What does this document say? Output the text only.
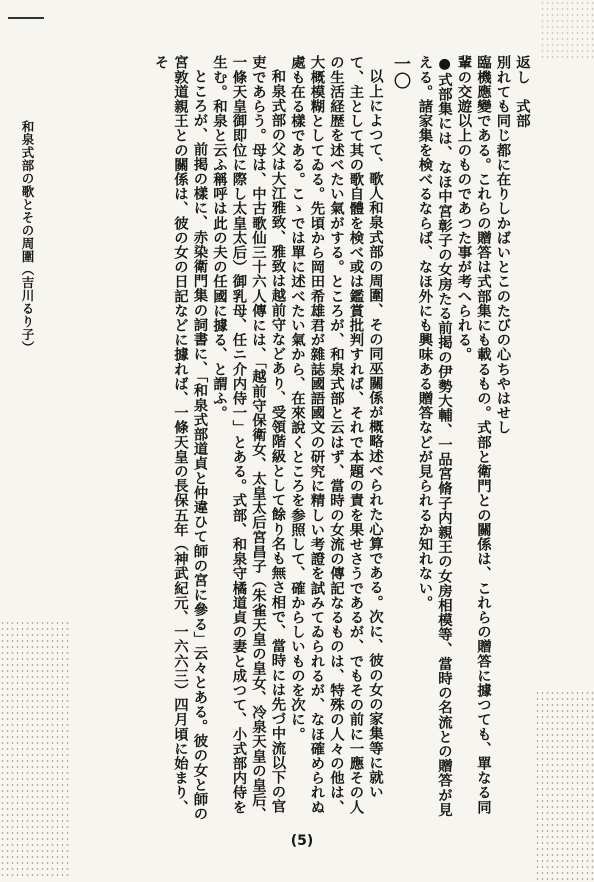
返し　式部

別れても同じ都に在りしかばいとこのたびの心ちやはせし

臨機應變である。これらの贈答は式部集にも載るもの。式部と衛門との關係は、これらの贈答に據つても、單なる同輩の交遊以上のものであつた事が考へられる。

●式部集には、なほ中宮彰子の女房たる前掲の伊勢大輔、一品宮脩子内親王の女房相模等、當時の名流との贈答が見える。諸家集を検べるならば、なほ外にも興味ある贈答などが見られるか知れない。

一〇

以上によつて、歌人和泉式部の周圍、その同巫關係が概略述べられた心算である。次に、彼の女の家集等に就いて、主として其の歌自體を検べ或は鑑賞批判すれば、それで本題の責を果せさうであるが、でもその前に一應その人の生活経歴を述べたい氣がする。ところが、和泉式部と云はず、當時の女流の傳記なるものは、特殊の人々の他は、大概模糊としてゐる。先頃から岡田希雄君が雜誌國語國文の研究に精しい考證を試みてゐられるが、なほ確められぬ處も在る樣である。こゝでは單に述べたい氣から、在來說くところを参照して、確からしいものを次に。

和泉式部の父は大江雅致、雅致は越前守などあり、受領階級として餘り名も無さ相で、當時には先づ中流以下の官吏であらう。母は、中古歌仙三十六人傳には、「越前守保衛女、太皇太后宮昌子（朱雀天皇の皇女、冷泉天皇の皇后、一條天皇御即位に際し太皇太后）御乳母、任ニ介内侍一」とある。式部、和泉守橘道貞の妻と成つて、小式部内侍を生む。和泉と云ふ稱呼は此の夫の任國に據る、と謂ふ。

ところが、前掲の樣に、赤染衛門集の詞書に、「和泉式部道貞と仲違ひて師の宮に參る」云々とある。彼の女と師の宮敦道親王との關係は、彼の女の日記などに據れば、一條天皇の長保五年（神武紀元、一六六三）四月頃に始まり、そ

和泉式部の歌とその周圍（吉川るり子）
(5)
